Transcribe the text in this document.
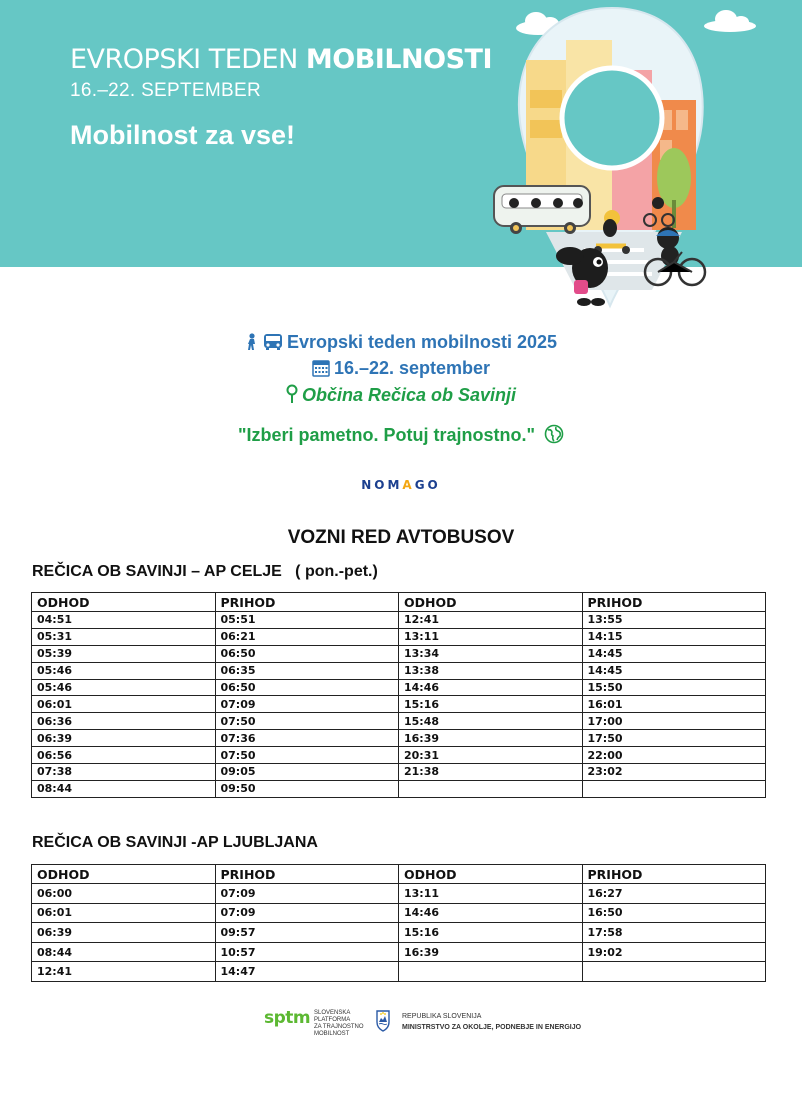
EVROPSKI TEDEN MOBILNOSTI
16.–22. SEPTEMBER
Mobilnost za vse!
Evropski teden mobilnosti 2025
16.–22. september
Občina Rečica ob Savinji
"Izberi pametno. Potuj trajnostno."
NOMAGO
VOZNI RED AVTOBUSOV
REČICA OB SAVINJI – AP CELJE   ( pon.-pet.)
ODHOD	PRIHOD	ODHOD	PRIHOD
04:51	05:51	12:41	13:55
05:31	06:21	13:11	14:15
05:39	06:50	13:34	14:45
05:46	06:35	13:38	14:45
05:46	06:50	14:46	15:50
06:01	07:09	15:16	16:01
06:36	07:50	15:48	17:00
06:39	07:36	16:39	17:50
06:56	07:50	20:31	22:00
07:38	09:05	21:38	23:02
08:44	09:50		
REČICA OB SAVINJI -AP LJUBLJANA
ODHOD	PRIHOD	ODHOD	PRIHOD
06:00	07:09	13:11	16:27
06:01	07:09	14:46	16:50
06:39	09:57	15:16	17:58
08:44	10:57	16:39	19:02
12:41	14:47		
sptm SLOVENSKA
PLATFORMA
ZA TRAJNOSTNO
MOBILNOST
REPUBLIKA SLOVENIJA
MINISTRSTVO ZA OKOLJE, PODNEBJE IN ENERGIJO
